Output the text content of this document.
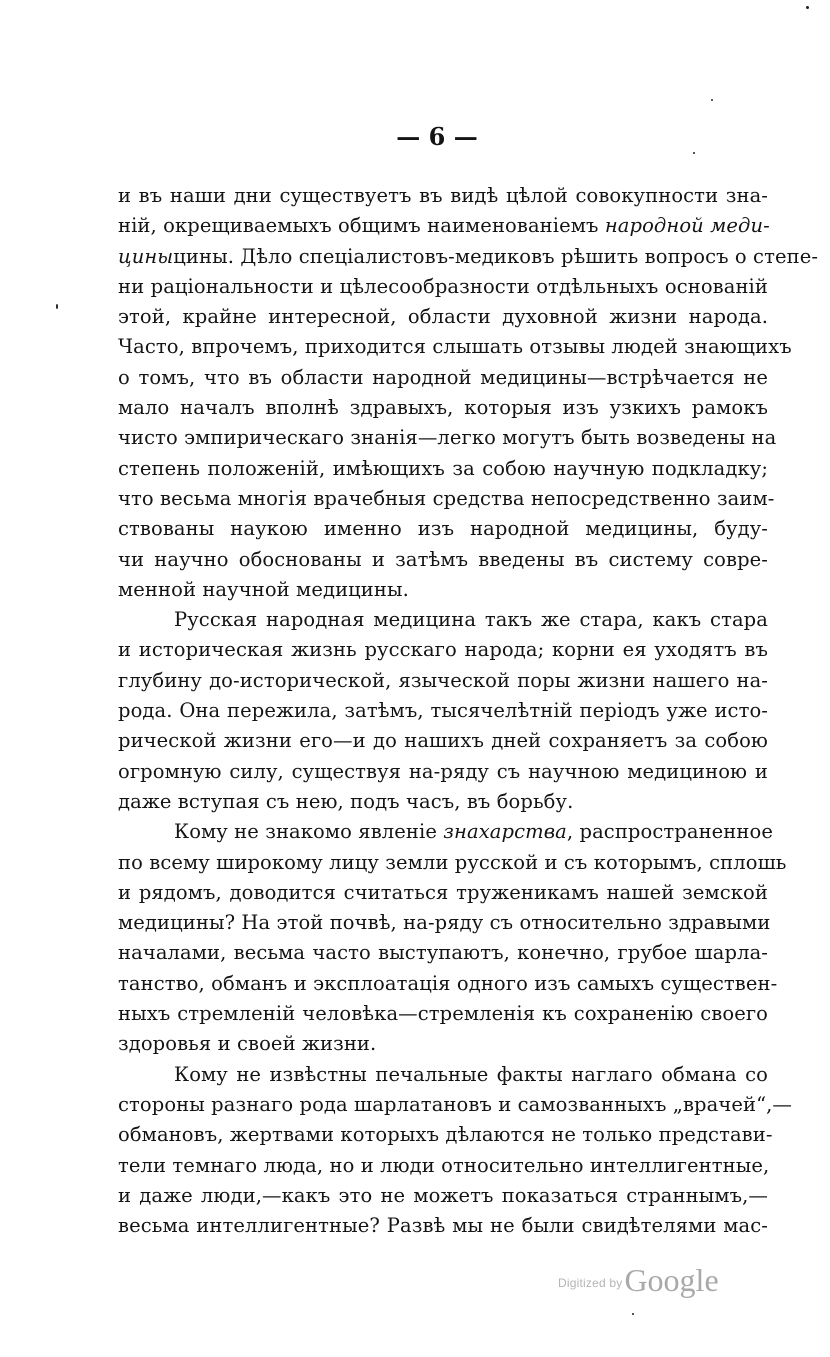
— 6 —
и въ наши дни существуетъ въ видѣ цѣлой совокупности зна-
ній, окрещиваемыхъ общимъ наименованіемъ народной меди-
циныцины. Дѣло спеціалистовъ-медиковъ рѣшить вопросъ о степе-
ни раціональности и цѣлесообразности отдѣльныхъ основаній
этой, крайне интересной, области духовной жизни народа.
Часто, впрочемъ, приходится слышать отзывы людей знающихъ
о томъ, что въ области народной медицины—встрѣчается не
мало началъ вполнѣ здравыхъ, которыя изъ узкихъ рамокъ
чисто эмпирическаго знанія—легко могутъ быть возведены на
степень положеній, имѣющихъ за собою научную подкладку;
что весьма многія врачебныя средства непосредственно заим-
ствованы наукою именно изъ народной медицины, буду-
чи научно обоснованы и затѣмъ введены въ систему совре-
менной научной медицины.
Русская народная медицина такъ же стара, какъ стара
и историческая жизнь русскаго народа; корни ея уходятъ въ
глубину до-исторической, языческой поры жизни нашего на-
рода. Она пережила, затѣмъ, тысячелѣтній періодъ уже исто-
рической жизни его—и до нашихъ дней сохраняетъ за собою
огромную силу, существуя на-ряду съ научною медициною и
даже вступая съ нею, подъ часъ, въ борьбу.
Кому не знакомо явленіе знахарства, распространенное
по всему широкому лицу земли русской и съ которымъ, сплошь
и рядомъ, доводится считаться труженикамъ нашей земской
медицины? На этой почвѣ, на-ряду съ относительно здравыми
началами, весьма часто выступаютъ, конечно, грубое шарла-
танство, обманъ и эксплоатація одного изъ самыхъ существен-
ныхъ стремленій человѣка—стремленія къ сохраненію своего
здоровья и своей жизни.
Кому не извѣстны печальные факты наглаго обмана со
стороны разнаго рода шарлатановъ и самозванныхъ „врачей“,—
обмановъ, жертвами которыхъ дѣлаются не только представи-
тели темнаго люда, но и люди относительно интеллигентные,
и даже люди,—какъ это не можетъ показаться страннымъ,—
весьма интеллигентные? Развѣ мы не были свидѣтелями мас-
$^{Digitized by}$Google
